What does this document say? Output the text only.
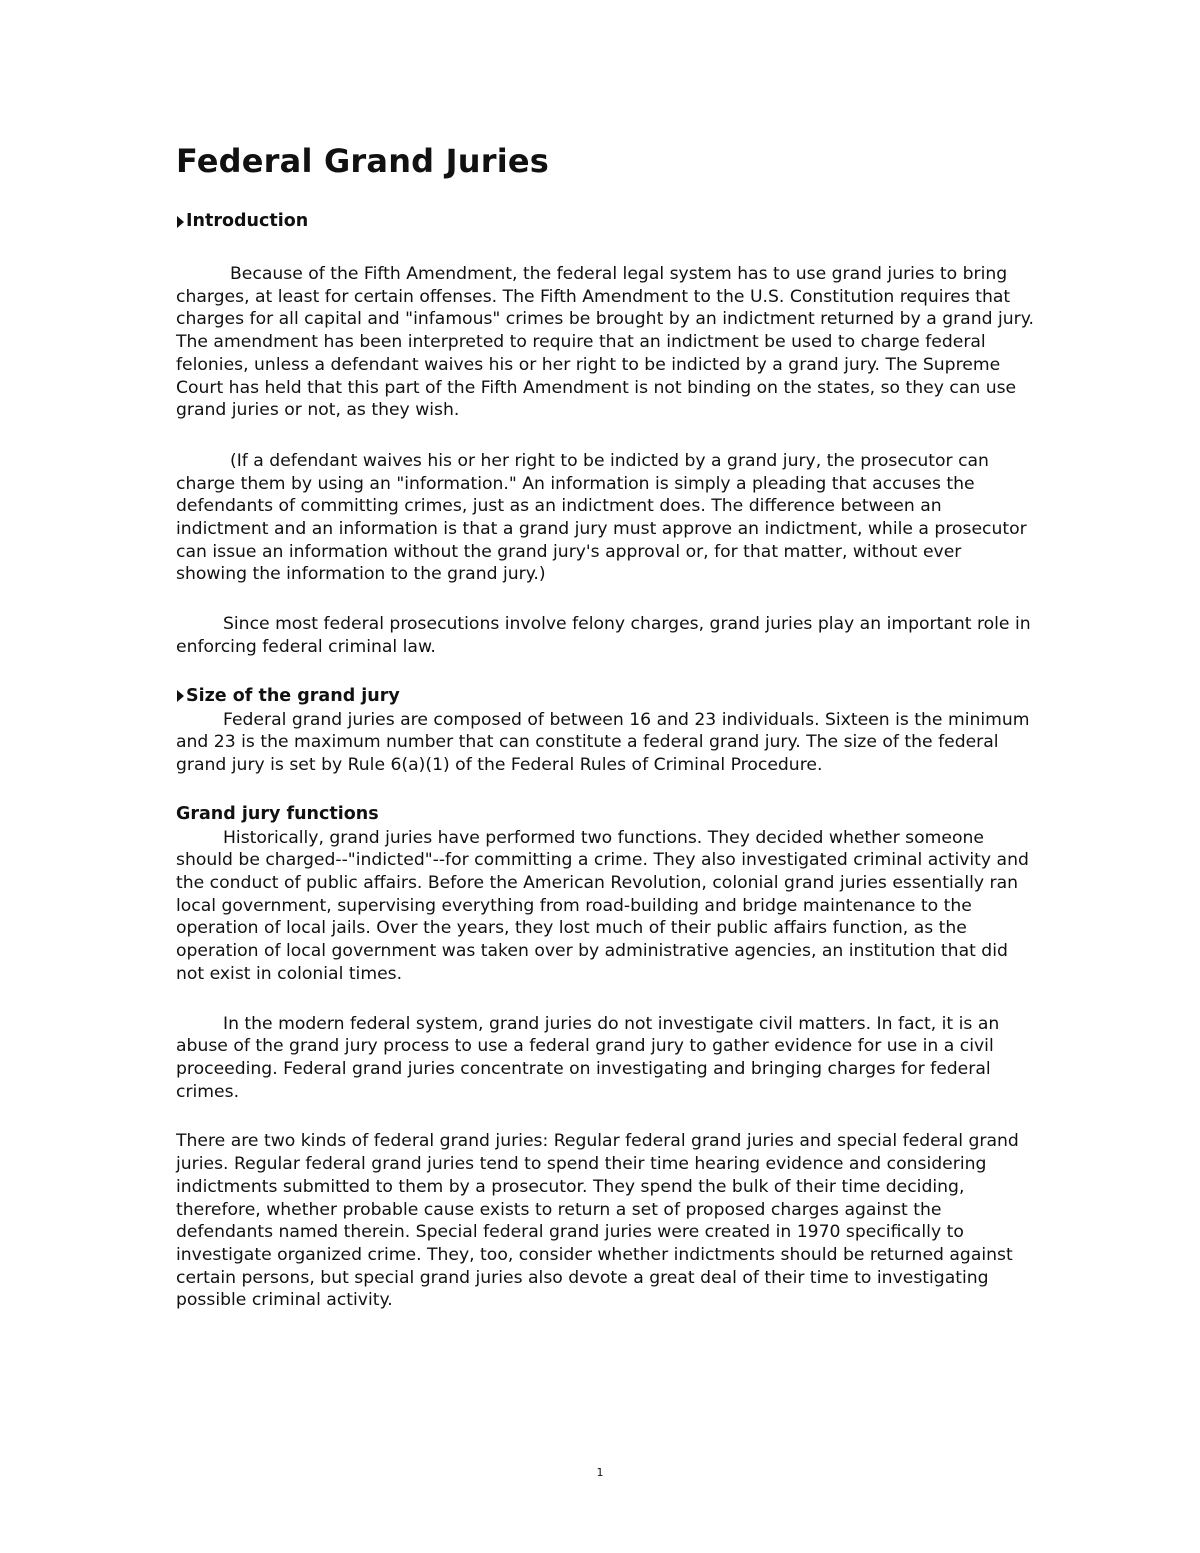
Federal Grand Juries
Introduction

Because of the Fifth Amendment, the federal legal system has to use grand juries to bring charges, at least for certain offenses. The Fifth Amendment to the U.S. Constitution requires that charges for all capital and "infamous" crimes be brought by an indictment returned by a grand jury. The amendment has been interpreted to require that an indictment be used to charge federal felonies, unless a defendant waives his or her right to be indicted by a grand jury. The Supreme Court has held that this part of the Fifth Amendment is not binding on the states, so they can use grand juries or not, as they wish.

(If a defendant waives his or her right to be indicted by a grand jury, the prosecutor can charge them by using an "information." An information is simply a pleading that accuses the defendants of committing crimes, just as an indictment does. The difference between an indictment and an information is that a grand jury must approve an indictment, while a prosecutor can issue an information without the grand jury's approval or, for that matter, without ever showing the information to the grand jury.)

Since most federal prosecutions involve felony charges, grand juries play an important role in enforcing federal criminal law.

Size of the grand jury

Federal grand juries are composed of between 16 and 23 individuals. Sixteen is the minimum and 23 is the maximum number that can constitute a federal grand jury. The size of the federal grand jury is set by Rule 6(a)(1) of the Federal Rules of Criminal Procedure.

Grand jury functions

Historically, grand juries have performed two functions. They decided whether someone should be charged--"indicted"--for committing a crime. They also investigated criminal activity and the conduct of public affairs. Before the American Revolution, colonial grand juries essentially ran local government, supervising everything from road-building and bridge maintenance to the operation of local jails. Over the years, they lost much of their public affairs function, as the operation of local government was taken over by administrative agencies, an institution that did not exist in colonial times.

In the modern federal system, grand juries do not investigate civil matters. In fact, it is an abuse of the grand jury process to use a federal grand jury to gather evidence for use in a civil proceeding. Federal grand juries concentrate on investigating and bringing charges for federal crimes.

There are two kinds of federal grand juries: Regular federal grand juries and special federal grand juries. Regular federal grand juries tend to spend their time hearing evidence and considering indictments submitted to them by a prosecutor. They spend the bulk of their time deciding, therefore, whether probable cause exists to return a set of proposed charges against the defendants named therein. Special federal grand juries were created in 1970 specifically to investigate organized crime. They, too, consider whether indictments should be returned against certain persons, but special grand juries also devote a great deal of their time to investigating possible criminal activity.

1
